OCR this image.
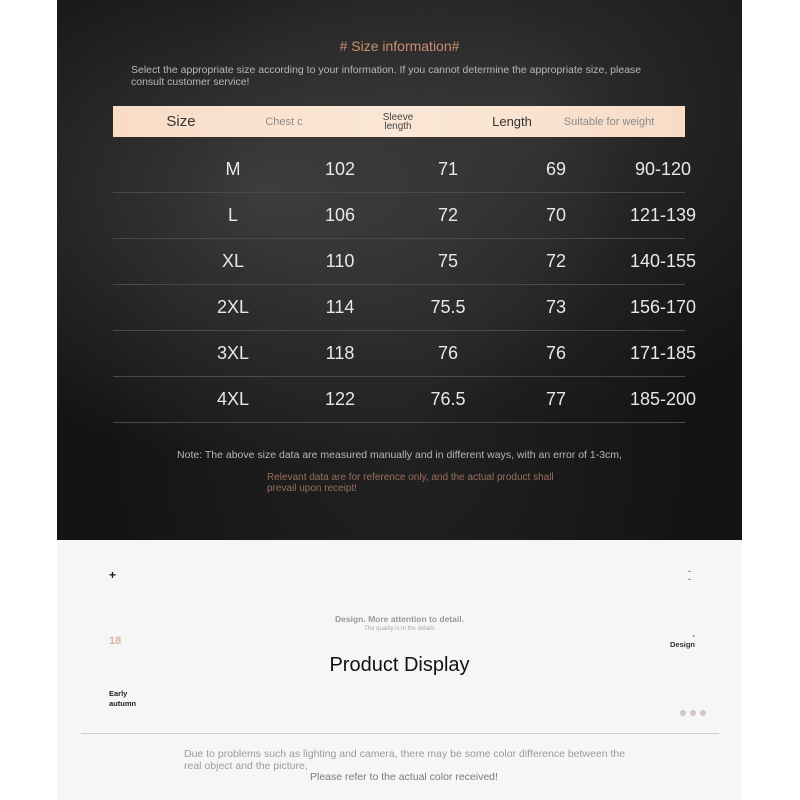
# Size information#
Select the appropriate size according to your information. If you cannot determine the appropriate size, please consult customer service!
Size	Chest c	Sleeve length	Length	Suitable for weight
M	102	71	69	90-120
L	106	72	70	121-139
XL	110	75	72	140-155
2XL	114	75.5	73	156-170
3XL	118	76	76	171-185
4XL	122	76.5	77	185-200
Note: The above size data are measured manually and in different ways, with an error of 1-3cm,
Relevant data are for reference only, and the actual product shall prevail upon receipt!
+	-
-
Design. More attention to detail.
The quality is in the details
18	-
Design
Product Display
Early autumn
Due to problems such as lighting and camera, there may be some color difference between the real object and the picture,
Please refer to the actual color received!
